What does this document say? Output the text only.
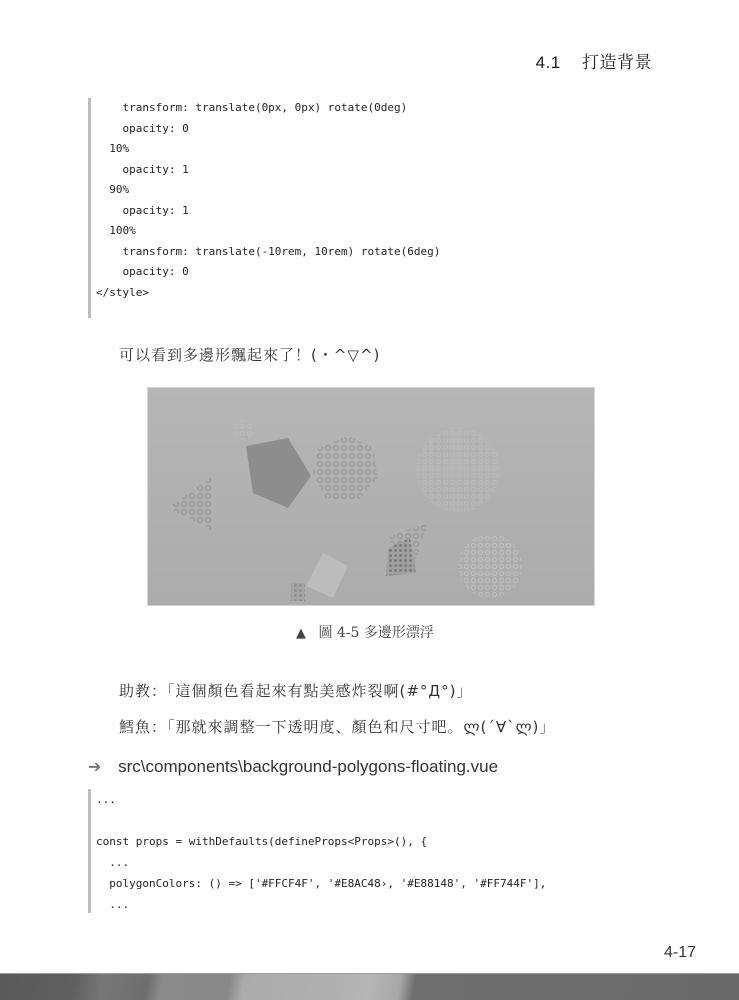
4.1 打造背景
transform: translate(0px, 0px) rotate(0deg)
opacity: 0
10%
opacity: 1
90%
opacity: 1
100%
transform: translate(-10rem, 10rem) rotate(6deg)
opacity: 0
</style>
可以看到多邊形飄起來了！(・^▽^)
▲ 圖 4-5 多邊形漂浮
助教：「這個顏色看起來有點美感炸裂啊(#°Д°)」
鱈魚：「那就來調整一下透明度、顏色和尺寸吧。ლ(´∀`ლ)」
➔ src\components\background-polygons-floating.vue
...
const props = withDefaults(defineProps<Props>(), {
...
polygonColors: () => ['#FFCF4F', '#E8AC48›, '#E88148', '#FF744F'],
...
4-17
